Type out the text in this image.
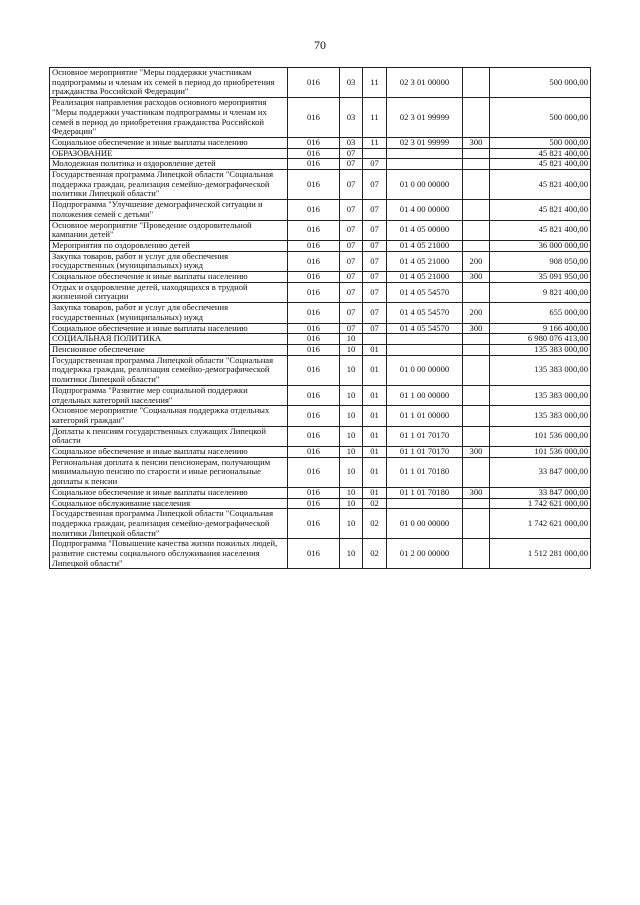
70
Основное мероприятие "Меры поддержки участникам подпрограммы и членам их семей в период до приобретения гражданства Российской Федерации"	016	03	11	02 3 01 00000		500 000,00
Реализация направления расходов основного мероприятия "Меры поддержки участникам подпрограммы и членам их семей в период до приобретения гражданства Российской Федерации"	016	03	11	02 3 01 99999		500 000,00
Социальное обеспечение и иные выплаты населению	016	03	11	02 3 01 99999	300	500 000,00
ОБРАЗОВАНИЕ	016	07				45 821 400,00
Молодежная политика и оздоровление детей	016	07	07			45 821 400,00
Государственная программа Липецкой области "Социальная поддержка граждан, реализация семейно-демографической политики Липецкой области"	016	07	07	01 0 00 00000		45 821 400,00
Подпрограмма "Улучшение демографической ситуации и положения семей с детьми"	016	07	07	01 4 00 00000		45 821 400,00
Основное мероприятие "Проведение оздоровительной кампании детей"	016	07	07	01 4 05 00000		45 821 400,00
Мероприятия по оздоровлению детей	016	07	07	01 4 05 21000		36 000 000,00
Закупка товаров, работ и услуг для обеспечения государственных (муниципальных) нужд	016	07	07	01 4 05 21000	200	908 050,00
Социальное обеспечение и иные выплаты населению	016	07	07	01 4 05 21000	300	35 091 950,00
Отдых и оздоровление детей, находящихся в трудной жизненной ситуации	016	07	07	01 4 05 54570		9 821 400,00
Закупка товаров, работ и услуг для обеспечения государственных (муниципальных) нужд	016	07	07	01 4 05 54570	200	655 000,00
Социальное обеспечение и иные выплаты населению	016	07	07	01 4 05 54570	300	9 166 400,00
СОЦИАЛЬНАЯ ПОЛИТИКА	016	10				6 980 076 413,00
Пенсионное обеспечение	016	10	01			135 383 000,00
Государственная программа Липецкой области "Социальная поддержка граждан, реализация семейно-демографической политики Липецкой области"	016	10	01	01 0 00 00000		135 383 000,00
Подпрограмма "Развитие мер социальной поддержки отдельных категорий населения"	016	10	01	01 1 00 00000		135 383 000,00
Основное мероприятие "Социальная поддержка отдельных категорий граждан"	016	10	01	01 1 01 00000		135 383 000,00
Доплаты к пенсиям государственных служащих Липецкой области	016	10	01	01 1 01 70170		101 536 000,00
Социальное обеспечение и иные выплаты населению	016	10	01	01 1 01 70170	300	101 536 000,00
Региональная доплата к пенсии пенсионерам, получающим минимальную пенсию по старости и иные региональные доплаты к пенсии	016	10	01	01 1 01 70180		33 847 000,00
Социальное обеспечение и иные выплаты населению	016	10	01	01 1 01 70180	300	33 847 000,00
Социальное обслуживание населения	016	10	02			1 742 621 000,00
Государственная программа Липецкой области "Социальная поддержка граждан, реализация семейно-демографической политики Липецкой области"	016	10	02	01 0 00 00000		1 742 621 000,00
Подпрограмма "Повышение качества жизни пожилых людей, развитие системы социального обслуживания населения Липецкой области"	016	10	02	01 2 00 00000		1 512 281 000,00
